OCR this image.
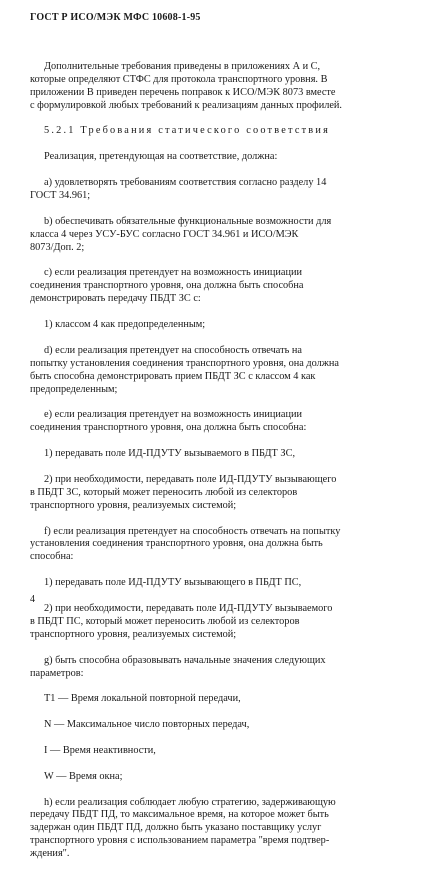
ГОСТ Р ИСО/МЭК МФС 10608-1-95

Дополнительные требования приведены в приложениях А и С,
которые определяют СТФС для протокола транспортного уровня. В
приложении В приведен перечень поправок к ИСО/МЭК 8073 вместе
с формулировкой любых требований к реализациям данных профилей.

5.2.1 Требования статического соответствия

Реализация, претендующая на соответствие, должна:

а) удовлетворять требованиям соответствия согласно разделу 14
ГОСТ 34.961;

b) обеспечивать обязательные функциональные возможности для
класса 4 через УСУ-БУС согласно ГОСТ 34.961 и ИСО/МЭК
8073/Доп. 2;

с) если реализация претендует на возможность инициации
соединения транспортного уровня, она должна быть способна
демонстрировать передачу ПБДТ ЗС с:

1) классом 4 как предопределенным;

d) если реализация претендует на способность отвечать на
попытку установления соединения транспортного уровня, она должна
быть способна демонстрировать прием ПБДТ ЗС с классом 4 как
предопределенным;

е) если реализация претендует на возможность инициации
соединения транспортного уровня, она должна быть способна:

1) передавать поле ИД-ПДУТУ вызываемого в ПБДТ ЗС,

2) при необходимости, передавать поле ИД-ПДУТУ вызывающего
в ПБДТ ЗС, который может переносить любой из селекторов
транспортного уровня, реализуемых системой;

f) если реализация претендует на способность отвечать на попытку
установления соединения транспортного уровня, она должна быть
способна:

1) передавать поле ИД-ПДУТУ вызывающего в ПБДТ ПС,

2) при необходимости, передавать поле ИД-ПДУТУ вызываемого
в ПБДТ ПС, который может переносить любой из селекторов
транспортного уровня, реализуемых системой;

g) быть способна образовывать начальные значения следующих
параметров:

Т1 — Время локальной повторной передачи,

N — Максимальное число повторных передач,

I — Время неактивности,

W — Время окна;

h) если реализация соблюдает любую стратегию, задерживающую
передачу ПБДТ ПД, то максимальное время, на которое может быть
задержан один ПБДТ ПД, должно быть указано поставщику услуг
транспортного уровня с использованием параметра "время подтвер-
ждения".

4
